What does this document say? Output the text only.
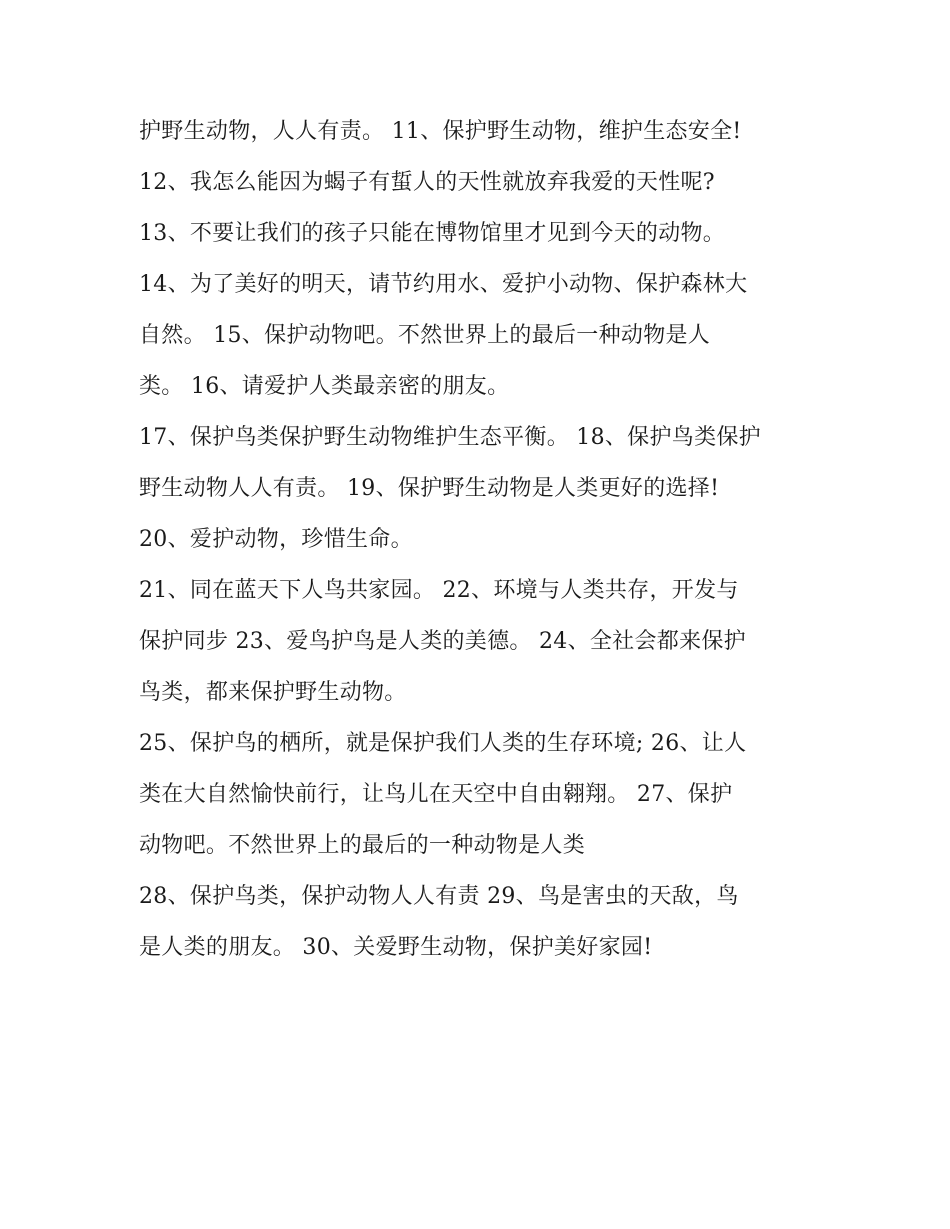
护野生动物，人人有责。 11、保护野生动物，维护生态安全!
12、我怎么能因为蝎子有蜇人的天性就放弃我爱的天性呢?
13、不要让我们的孩子只能在博物馆里才见到今天的动物。
14、为了美好的明天，请节约用水、爱护小动物、保护森林大
自然。 15、保护动物吧。不然世界上的最后一种动物是人
类。 16、请爱护人类最亲密的朋友。
17、保护鸟类保护野生动物维护生态平衡。 18、保护鸟类保护
野生动物人人有责。 19、保护野生动物是人类更好的选择!
20、爱护动物，珍惜生命。
21、同在蓝天下人鸟共家园。 22、环境与人类共存，开发与
保护同步 23、爱鸟护鸟是人类的美德。 24、全社会都来保护
鸟类，都来保护野生动物。
25、保护鸟的栖所，就是保护我们人类的生存环境; 26、让人
类在大自然愉快前行，让鸟儿在天空中自由翱翔。 27、保护
动物吧。不然世界上的最后的一种动物是人类
28、保护鸟类，保护动物人人有责 29、鸟是害虫的天敌，鸟
是人类的朋友。 30、关爱野生动物，保护美好家园!
